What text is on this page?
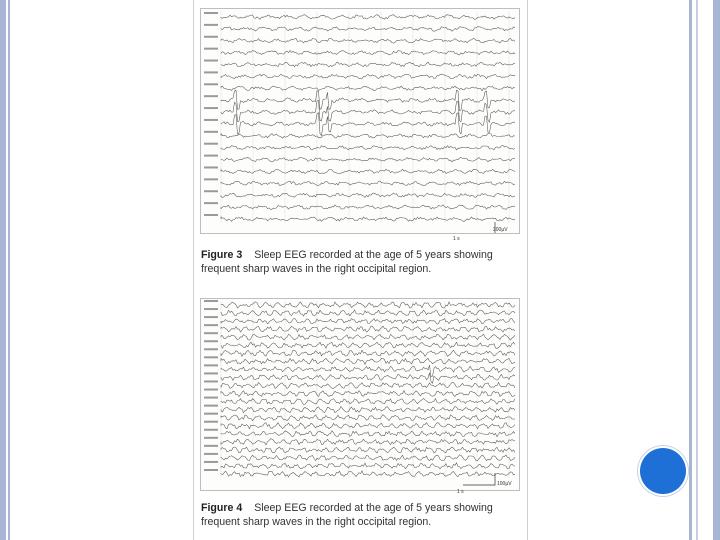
1 s
200µV

Figure 3 Sleep EEG recorded at the age of 5 years showing frequent sharp waves in the right occipital region.

1 s
100µV

Figure 4 Sleep EEG recorded at the age of 5 years showing frequent sharp waves in the right occipital region.
